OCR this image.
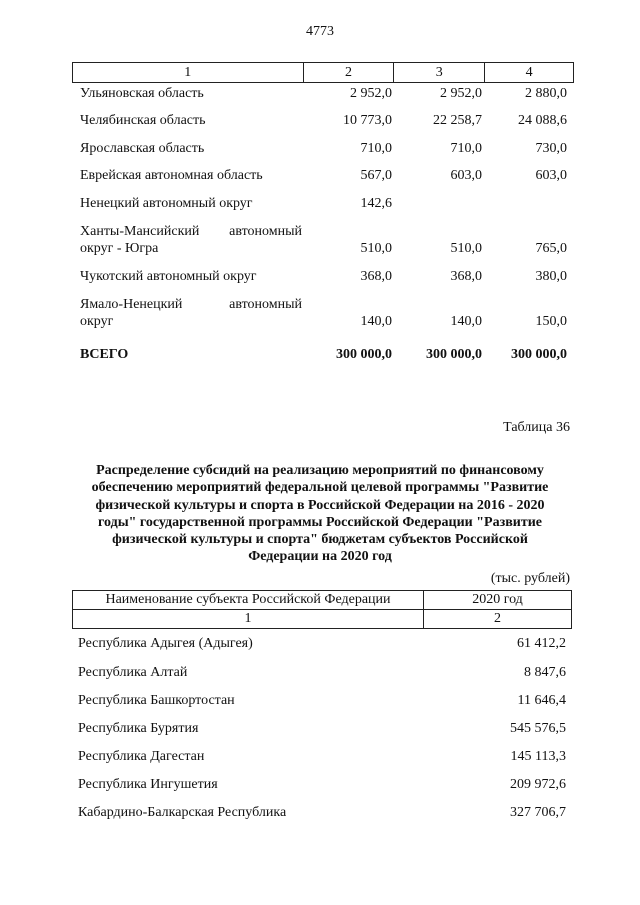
4773
1	2	3	4
Ульяновская область	2 952,0	2 952,0	2 880,0
Челябинская область	10 773,0	22 258,7	24 088,6
Ярославская область	710,0	710,0	730,0
Еврейская автономная область	567,0	603,0	603,0
Ненецкий автономный округ	142,6
Ханты-Мансийский автономный
округ - Югра	510,0	510,0	765,0
Чукотский автономный округ	368,0	368,0	380,0
Ямало-Ненецкий	автономный
округ	140,0	140,0	150,0
ВСЕГО	300 000,0	300 000,0	300 000,0
Таблица 36
Распределение субсидий на реализацию мероприятий по финансовому
обеспечению мероприятий федеральной целевой программы "Развитие
физической культуры и спорта в Российской Федерации на 2016 - 2020
годы" государственной программы Российской Федерации "Развитие
физической культуры и спорта" бюджетам субъектов Российской
Федерации на 2020 год
(тыс. рублей)
Наименование субъекта Российской Федерации	2020 год
1	2
Республика Адыгея (Адыгея)	61 412,2
Республика Алтай	8 847,6
Республика Башкортостан	11 646,4
Республика Бурятия	545 576,5
Республика Дагестан	145 113,3
Республика Ингушетия	209 972,6
Кабардино-Балкарская Республика	327 706,7
